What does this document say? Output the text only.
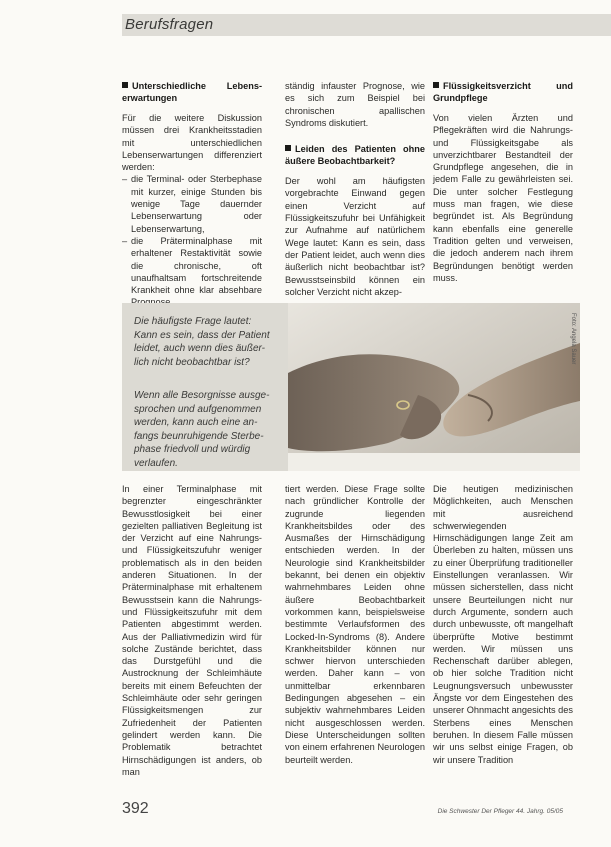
Berufsfragen
Unterschiedliche Lebens- erwartungen

Für die weitere Diskussion müssen drei Krankheitsstadien mit unterschiedlichen Lebenserwartungen differenziert werden:

– die Terminal- oder Sterbephase mit kurzer, einige Stunden bis wenige Tage dauernder Lebenserwartung oder Lebenserwartung,
– die Präterminalphase mit erhaltener Restaktivität sowie die chronische, oft unaufhaltsam fortschreitende Krankheit ohne klar absehbare

ständig infauster Prognose, wie es sich zum Beispiel bei chronischen apallischen Syndroms diskutiert.

Leiden des Patienten ohne äußere Beobachtbarkeit?

Der wohl am häufigsten vorgebrachte Einwand gegen einen Verzicht auf Flüssigkeitszufuhr bei Unfähigkeit zur Aufnahme auf natürlichem Wege lautet: Kann es sein, dass der Patient leidet, auch wenn dies äußerlich nicht beobachtbar ist? Bewusstseinsbild können ein solcher Verzicht nicht akzep-

Flüssigkeitsverzicht und Grundpflege

Von vielen Ärzten und Pflegekräften wird die Nahrungs- und Flüssigkeitsgabe als unverzichtbarer Bestandteil der Grundpflege angesehen, die in jedem Falle zu gewährleisten sei. Die unter solcher Festlegung muss man fragen, wie diese begründet ist. Als Begründung kann ebenfalls eine generelle Tradition gelten und verweisen, die jedoch anderem nach ihrem Begründungen benötigt werden muss.

Die häufigste Frage lautet:
Kann es sein, dass der Patient
leidet, auch wenn dies äußer-
lich nicht beobachtbar ist?
Wenn alle Besorgnisse ausge-
sprochen und aufgenommen
werden, kann auch eine an-
fangs beunruhigende Sterbe-
phase friedvoll und würdig
verlaufen.
Foto: Angela Sauer

In einer Terminalphase mit begrenzter eingeschränkter Bewusstlosigkeit bei einer gezielten palliativen Begleitung ist der Verzicht auf eine Nahrungs- und Flüssigkeitszufuhr weniger problematisch als in den beiden anderen Situationen. In der Präterminalphase mit erhaltenem Bewusstsein kann die Nahrungs- und Flüssigkeitszufuhr mit dem Patienten abgestimmt werden. Aus der Palliativmedizin wird für solche Zustände berichtet, dass das Durstgefühl und die Austrocknung der Schleimhäute bereits mit einem Befeuchten der Schleimhäute oder sehr geringen Flüssigkeitsmengen zur Zufriedenheit der Patienten gelindert werden kann. Die Problematik betrachtet Hirnschädigungen ist anders, ob man

tiert werden. Diese Frage sollte nach gründlicher Kontrolle der zugrunde liegenden Krankheitsbildes oder des Ausmaßes der Hirnschädigung entschieden werden. In der Neurologie sind Krankheitsbilder bekannt, bei denen ein objektiv wahrnehmbares Leiden ohne äußere Beobachtbarkeit vorkommen kann, beispielsweise bestimmte Verlaufsformen des Locked-In-Syndroms (8). Andere Krankheitsbilder können nur schwer hiervon unterschieden werden. Daher kann – von unmittelbar erkennbaren Bedingungen abgesehen – ein subjektiv wahrnehmbares Leiden nicht ausgeschlossen werden. Diese Unterscheidungen sollten von einem erfahrenen Neurologen beurteilt werden.

Die heutigen medizinischen Möglichkeiten, auch Menschen mit ausreichend schwerwiegenden Hirnschädigungen lange Zeit am Überleben zu halten, müssen uns zu einer Überprüfung traditioneller Einstellungen veranlassen. Wir müssen sicherstellen, dass nicht unsere Beurteilungen nicht nur durch Argumente, sondern auch durch unbewusste, oft mangelhaft überprüfte Motive bestimmt werden. Wir müssen uns Rechenschaft darüber ablegen, ob hier solche Tradition nicht Leugnungsversuch unbewusster Ängste vor dem Eingestehen des unserer Ohnmacht angesichts des Sterbens eines Menschen beruhen. In diesem Falle müssen wir uns selbst einige Fragen, ob wir unsere Tradition

392	Die Schwester Der Pfleger 44. Jahrg. 05/05
